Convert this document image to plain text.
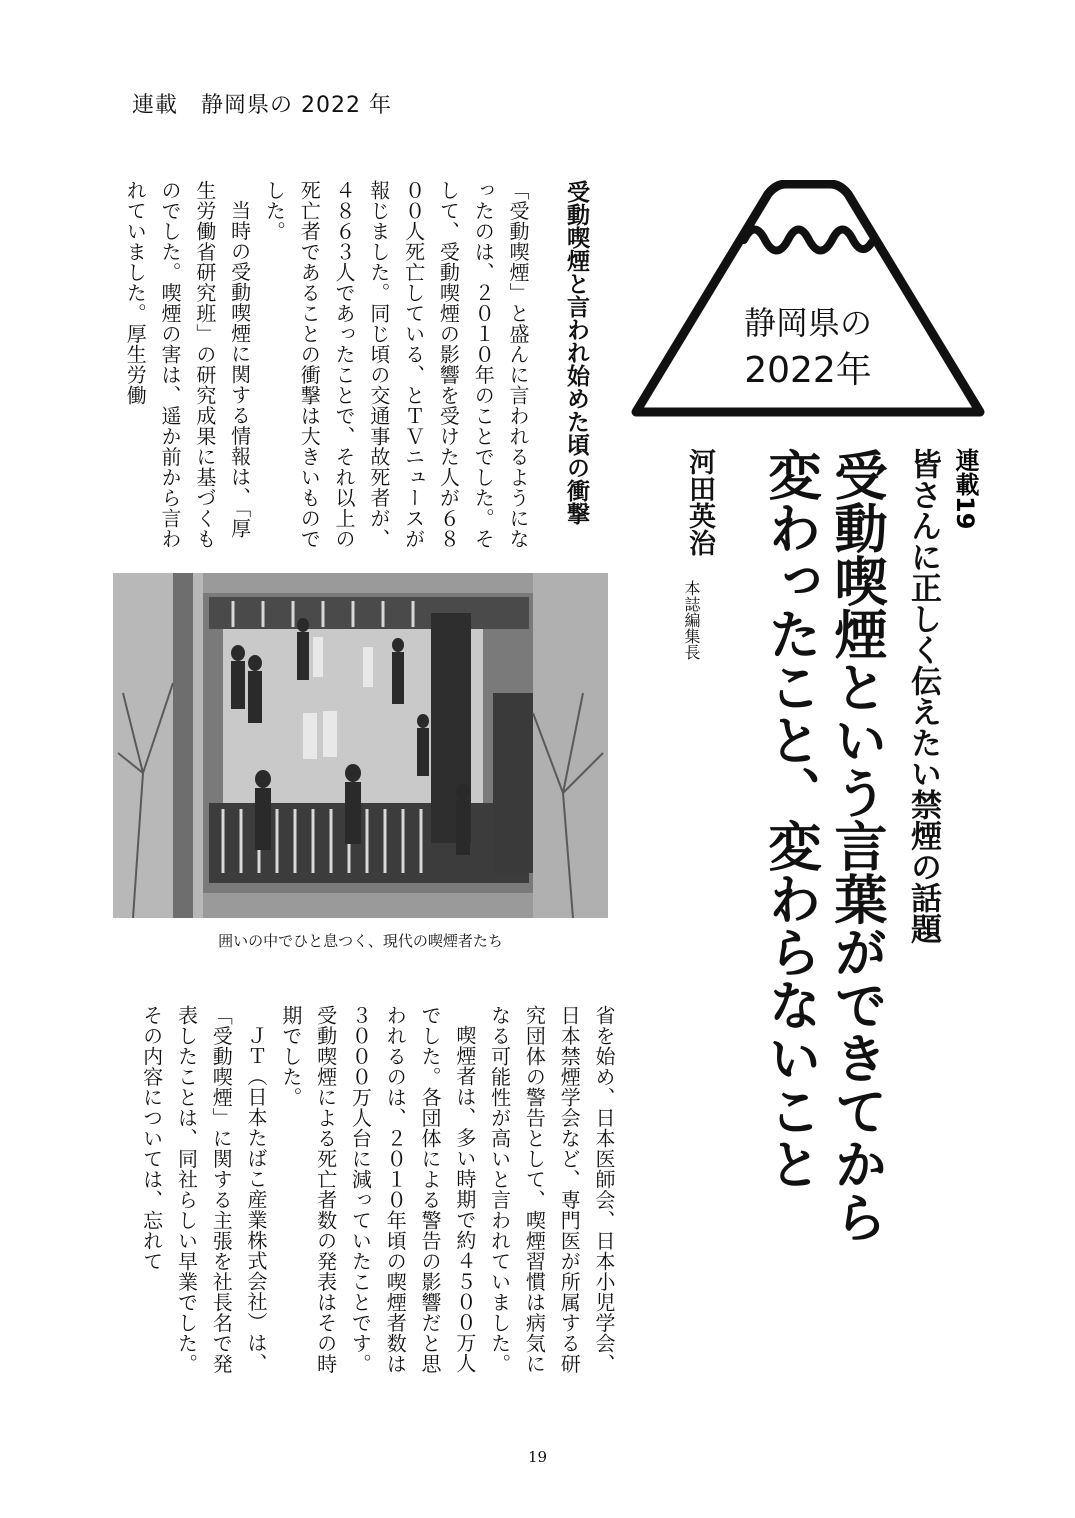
連載　静岡県の 2022 年
静岡県の
2022年
連載19
皆さんに正しく伝えたい禁煙の話題
受動喫煙という言葉ができてから変わったこと、変わらないこと
河田英治
本誌編集長
受動喫煙と言われ始めた頃の衝撃

「受動喫煙」と盛んに言われるようになったのは、２０１０年のことでした。そして、受動喫煙の影響を受けた人が６８００人死亡している、とＴＶニュースが報じました。同じ頃の交通事故死者が、４８６３人であったことで、それ以上の死亡者であることの衝撃は大きいものでした。

当時の受動喫煙に関する情報は、「厚生労働省研究班」の研究成果に基づくものでした。喫煙の害は、遥か前から言われていました。厚生労働

囲いの中でひと息つく、現代の喫煙者たち

省を始め、日本医師会、日本小児学会、日本禁煙学会など、専門医が所属する研究団体の警告として、喫煙習慣は病気になる可能性が高いと言われていました。

喫煙者は、多い時期で約４５００万人でした。各団体による警告の影響だと思われるのは、２０１０年頃の喫煙者数は３０００万人台に減っていたことです。受動喫煙による死亡者数の発表はその時期でした。

ＪＴ（日本たばこ産業株式会社）は、「受動喫煙」に関する主張を社長名で発表したことは、同社らしい早業でした。その内容については、忘れて

19
